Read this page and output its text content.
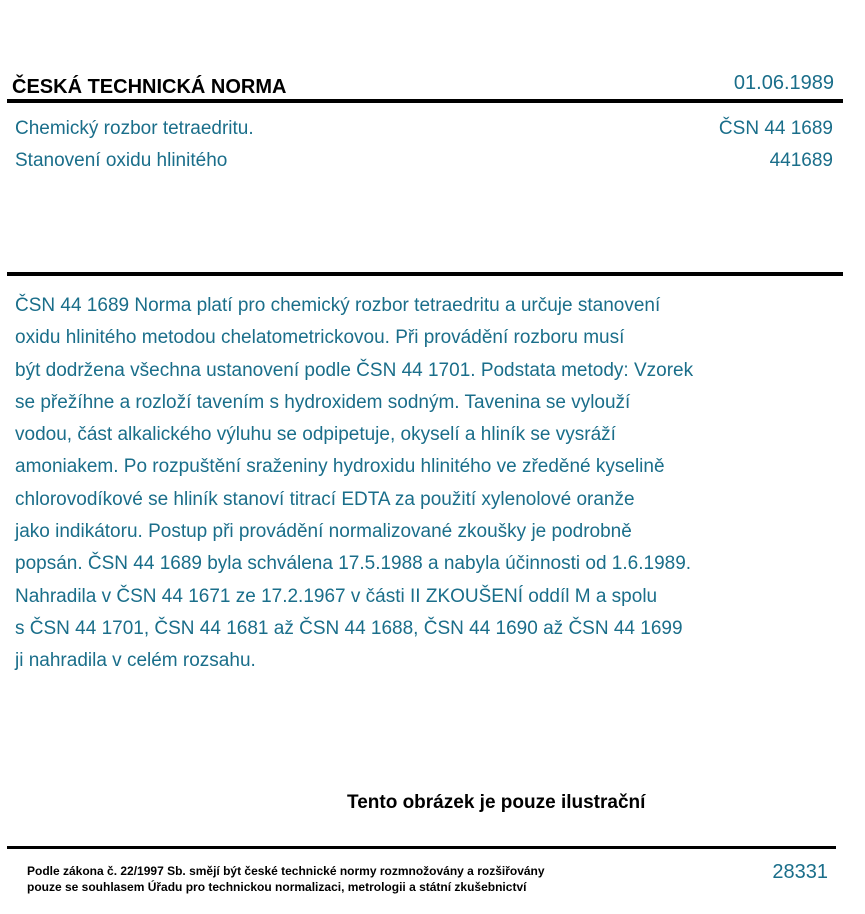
ČESKÁ TECHNICKÁ NORMA	01.06.1989
Chemický rozbor tetraedritu.
Stanovení oxidu hlinitého
ČSN 44 1689
441689
ČSN 44 1689 Norma platí pro chemický rozbor tetraedritu a určuje stanovení
oxidu hlinitého metodou chelatometrickovou. Při provádění rozboru musí
být dodržena všechna ustanovení podle ČSN 44 1701. Podstata metody: Vzorek
se přežíhne a rozloží tavením s hydroxidem sodným. Tavenina se vylouží
vodou, část alkalického výluhu se odpipetuje, okyselí a hliník se vysráží
amoniakem. Po rozpuštění sraženiny hydroxidu hlinitého ve zředěné kyselině
chlorovodíkové se hliník stanoví titrací EDTA za použití xylenolové oranže
jako indikátoru. Postup při provádění normalizované zkoušky je podrobně
popsán. ČSN 44 1689 byla schválena 17.5.1988 a nabyla účinnosti od 1.6.1989.
Nahradila v ČSN 44 1671 ze 17.2.1967 v části II ZKOUŠENÍ oddíl M a spolu
s ČSN 44 1701, ČSN 44 1681 až ČSN 44 1688, ČSN 44 1690 až ČSN 44 1699
ji nahradila v celém rozsahu.
Tento obrázek je pouze ilustrační
Podle zákona č. 22/1997 Sb. smějí být české technické normy rozmnožovány a rozšiřovány
pouze se souhlasem Úřadu pro technickou normalizaci, metrologii a státní zkušebnictví
28331
